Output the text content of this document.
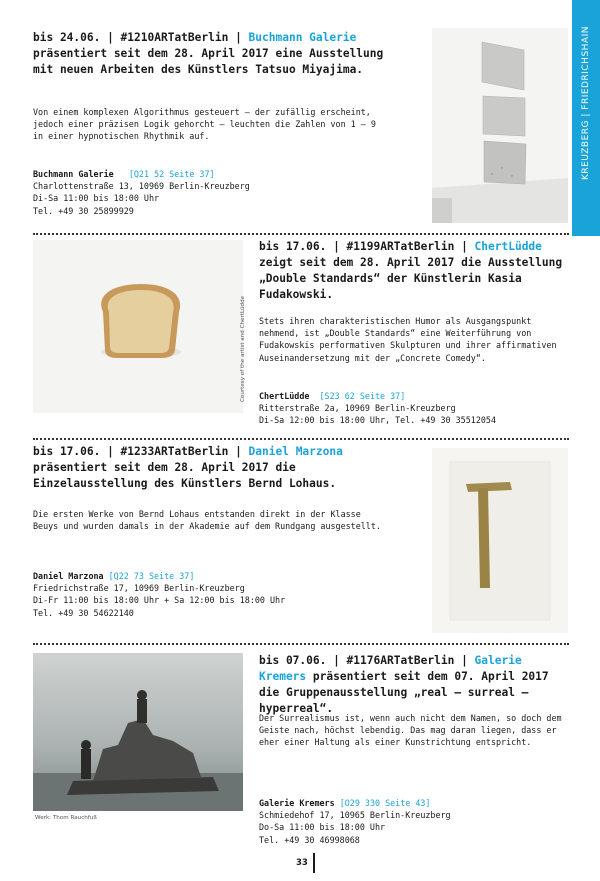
KREUZBERG | FRIEDRICHSHAIN
bis 24.06. | #1210ARTatBerlin | Buchmann Galerie präsentiert seit dem 28. April 2017 eine Ausstellung mit neuen Arbeiten des Künstlers Tatsuo Miyajima.
Von einem komplexen Algorithmus gesteuert – der zufällig erscheint, jedoch einer präzisen Logik gehorcht – leuchten die Zahlen von 1 – 9 in einer hypnotischen Rhythmik auf.
Buchmann Galerie [Q21 52 Seite 37]
Charlottenstraße 13, 10969 Berlin-Kreuzberg
Di-Sa 11:00 bis 18:00 Uhr
Tel. +49 30 25899929
Courtesy of the artist and ChertLüdde
bis 17.06. | #1199ARTatBerlin | ChertLüdde zeigt seit dem 28. April 2017 die Ausstellung „Double Standards“ der Künstlerin Kasia Fudakowski.
Stets ihren charakteristischen Humor als Ausgangspunkt nehmend, ist „Double Standards“ eine Weiterführung von Fudakowskis performativen Skulpturen und ihrer affirmativen Auseinandersetzung mit der „Concrete Comedy“.
ChertLüdde [S23 62 Seite 37]
Ritterstraße 2a, 10969 Berlin-Kreuzberg
Di-Sa 12:00 bis 18:00 Uhr, Tel. +49 30 35512054
bis 17.06. | #1233ARTatBerlin | Daniel Marzona präsentiert seit dem 28. April 2017 die Einzelausstellung des Künstlers Bernd Lohaus.
Die ersten Werke von Bernd Lohaus entstanden direkt in der Klasse Beuys und wurden damals in der Akademie auf dem Rundgang ausgestellt.
Daniel Marzona [Q22 73 Seite 37]
Friedrichstraße 17, 10969 Berlin-Kreuzberg
Di-Fr 11:00 bis 18:00 Uhr + Sa 12:00 bis 18:00 Uhr
Tel. +49 30 54622140
Werk: Thom Rauchfuß
bis 07.06. | #1176ARTatBerlin | Galerie Kremers präsentiert seit dem 07. April 2017 die Gruppenausstellung „real – surreal – hyperreal“.
Der Surrealismus ist, wenn auch nicht dem Namen, so doch dem Geiste nach, höchst lebendig. Das mag daran liegen, dass er eher einer Haltung als einer Kunstrichtung entspricht.
Galerie Kremers [O29 330 Seite 43]
Schmiedehof 17, 10965 Berlin-Kreuzberg
Do-Sa 11:00 bis 18:00 Uhr
Tel. +49 30 46998068
33
